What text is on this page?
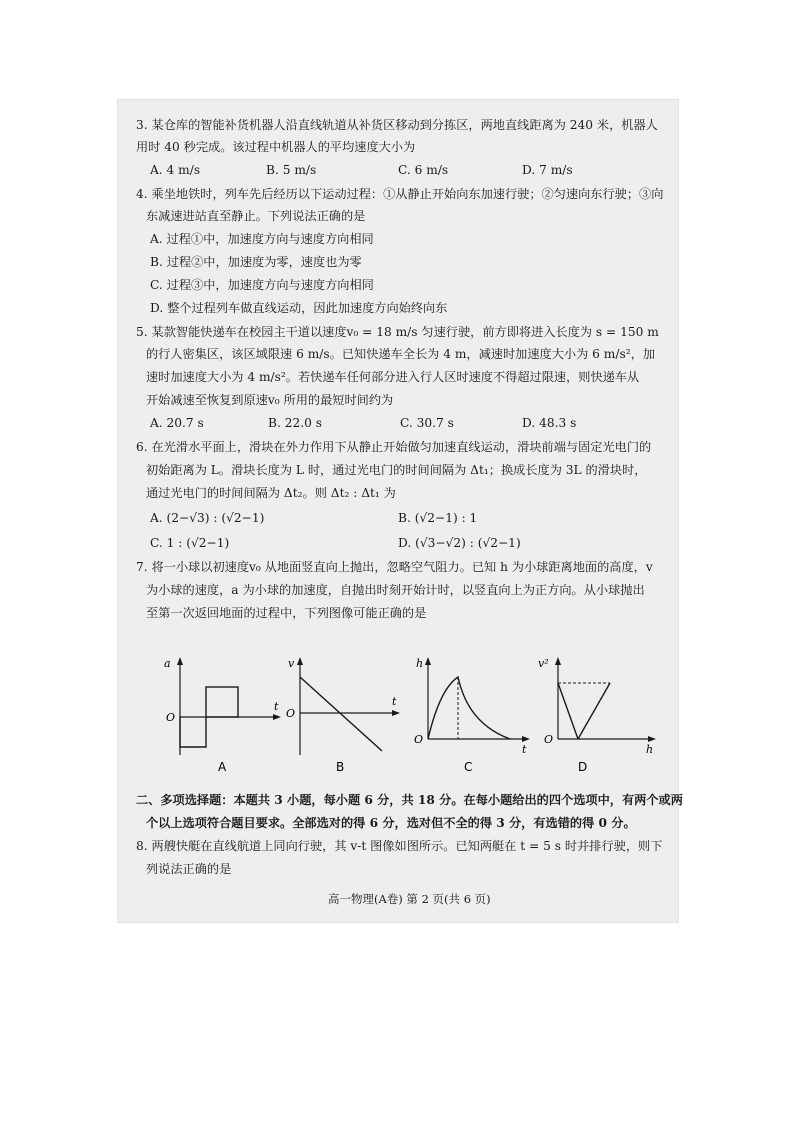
3. 某仓库的智能补货机器人沿直线轨道从补货区移动到分拣区，两地直线距离为 240 米，机器人
用时 40 秒完成。该过程中机器人的平均速度大小为
A. 4 m/s	B. 5 m/s	C. 6 m/s	D. 7 m/s
4. 乘坐地铁时，列车先后经历以下运动过程：①从静止开始向东加速行驶；②匀速向东行驶；③向
东减速进站直至静止。下列说法正确的是
A. 过程①中，加速度方向与速度方向相同
B. 过程②中，加速度为零，速度也为零
C. 过程③中，加速度方向与速度方向相同
D. 整个过程列车做直线运动，因此加速度方向始终向东
5. 某款智能快递车在校园主干道以速度v₀ = 18 m/s 匀速行驶，前方即将进入长度为 s = 150 m
的行人密集区，该区域限速 6 m/s。已知快递车全长为 4 m，减速时加速度大小为 6 m/s²，加
速时加速度大小为 4 m/s²。若快递车任何部分进入行人区时速度不得超过限速，则快递车从
开始减速至恢复到原速v₀ 所用的最短时间约为
A. 20.7 s	B. 22.0 s	C. 30.7 s	D. 48.3 s
6. 在光滑水平面上，滑块在外力作用下从静止开始做匀加速直线运动，滑块前端与固定光电门的
初始距离为 L。滑块长度为 L 时，通过光电门的时间间隔为 Δt₁；换成长度为 3L 的滑块时，
通过光电门的时间间隔为 Δt₂。则 Δt₂ : Δt₁ 为
A. (2−√3) : (√2−1)	B. (√2−1) : 1
C. 1 : (√2−1)	D. (√3−√2) : (√2−1)
7. 将一小球以初速度v₀ 从地面竖直向上抛出，忽略空气阻力。已知 h 为小球距离地面的高度，v
为小球的速度，a 为小球的加速度，自抛出时刻开始计时，以竖直向上为正方向。从小球抛出
至第一次返回地面的过程中，下列图像可能正确的是
a
O
t
A
v
O
t
B
h
O
t
C
v²
O
h
D
二、多项选择题：本题共 3 小题，每小题 6 分，共 18 分。在每小题给出的四个选项中，有两个或两
个以上选项符合题目要求。全部选对的得 6 分，选对但不全的得 3 分，有选错的得 0 分。
8. 两艘快艇在直线航道上同向行驶，其 v-t 图像如图所示。已知两艇在 t = 5 s 时并排行驶，则下
列说法正确的是
高一物理(A卷) 第 2 页(共 6 页)
